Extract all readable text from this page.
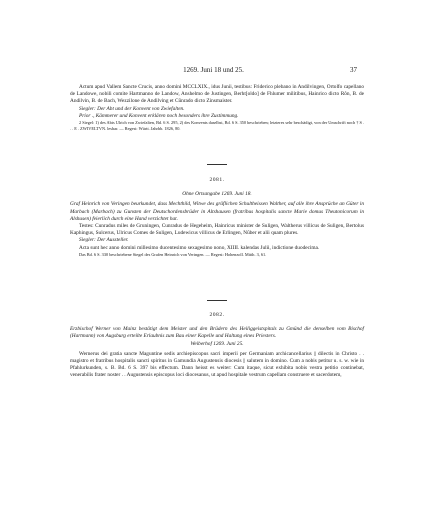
1269. Juni 18 und 25.	37

Actum apud Vallem Sancte Crucis, anno domini MCCLXIX., idus Junii, testibus: Friderico plebano in Andilvingen, Ortolfo capellano de Landowe, nobili comite Hartmanno de Landow, Anshelmo de Justingen, Berht[oldo] de Fhlumer militibus, Hainrico dicto Rôn, B. de Andilvin, B. de Bach, Wezzilone de Andilving et Cûnrado dicto Zinsmaister.

Siegler: Der Abt und der Konvent von Zwiefalten.

Prior ., Kämmerer und Konvent erklären noch besonders ihre Zustimmung.

2 Siegel: 1) des Abts Ulrich von Zwiefalten, Bd. 6 S. 295, 2) des Konvents daselbst, Bd. 6 S. 350 beschrieben; letzteres sehr beschädigt, von der Umschrift noch † S . . . E . ZWIVELTVN. lesbar. — Regest: Württ. Jahrbb. 1826, 80.

2081.

Ohne Ortsangabe 1269. Juni 18.

Graf Heinrich von Veringen beurkundet, dass Mechthild, Witwe des gräflichen Schultheissen Walther, auf alle ihre Ansprüche an Güter in Marbach (Marbach) zu Gunsten der Deutschordensbrüder in Altshausen (fratribus hospitalis sancte Marie domus Theutonicorum in Alshusen) feierlich durch eine Hand verzichtet hat.

Testes: Cunradus miles de Gruningen, Cunradus de Hegeheim, Hainricus minister de Suligen, Waltherus villicus de Suligen, Bertolus Kaphingus, Sulcerus, Ulricus Comes de Suligen, Ludewicus villicus de Erlingen, Nûber et alii quam plures.

Siegler: Der Aussteller.

Acta sunt hec anno domini millesimo ducentesimo sexagesimo nono, XIIII. kalendas Julii, indictione duodecima.

Das Bd. 6 S. 330 beschriebene Siegel des Grafen Heinrich von Veringen. — Regest: Hohenzoll. Mitth. 3, 61.

2082.

Erzbischof Werner von Mainz bestätigt dem Meister und den Brüdern des Heiliggeistspitals zu Gmünd die denselben vom Bischof (Hartmann) von Augsburg erteilte Erlaubnis zum Bau einer Kapelle und Haltung eines Priesters.

Weiberhof 1269. Juni 25.

Wernerus dei gratia sancte Maguntine sedis archiepiscopus sacri imperii per Germaniam archicancellarius || dilectis in Christo . . magistro et fratribus hospitalis sancti spiritus in Gamundia Augustensis diocesis || salutem in domino. Cum a nobis petitur u. s. w. wie in Pfahlurkunden, s. B. Bd. 6 S. 397 bis effectum. Dann heisst es weiter: Cum itaque, sicut exhibita nobis vestra petitio continebat, venerabilis frater noster . . Augustensis episcopus loci diocesanus, ut apud hospitale vestrum capellam construere et sacerdotem,
